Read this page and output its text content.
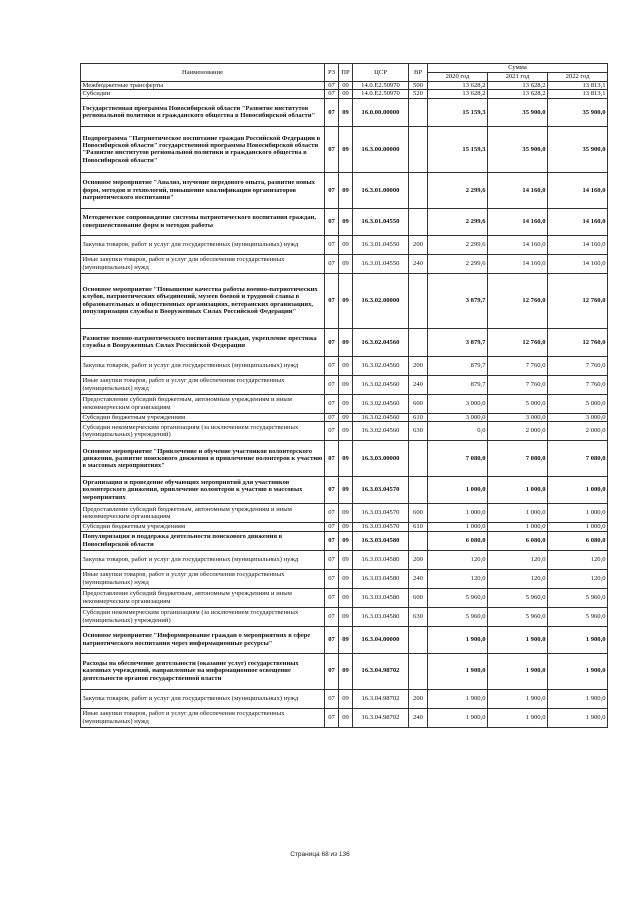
Наименование	РЗ	ПР	ЦСР	ВР	Сумма		
					2020 год	2021 год	2022 год
Межбюджетные трансферты	07	09	14.0.Е2.50970	500	13 628,2	13 628,2	13 813,1
Субсидии	07	09	14.0.Е2.50970	520	13 628,2	13 628,2	13 813,1
Государственная программа Новосибирской области "Развитие институтов региональной политики и гражданского общества в Новосибирской области"	07	09	16.0.00.00000		15 159,3	35 900,0	35 900,0
Подпрограмма "Патриотическое воспитание граждан Российской Федерации в Новосибирской области" государственной программы Новосибирской области "Развитие институтов региональной политики и гражданского общества в Новосибирской области"	07	09	16.3.00.00000		15 159,3	35 900,0	35 900,0
Основное мероприятие "Анализ, изучение передового опыта, развитие новых форм, методов и технологий, повышение квалификации организаторов патриотического воспитания"	07	09	16.3.01.00000		2 299,6	14 160,0	14 160,0
Методическое сопровождение системы патриотического воспитания граждан, совершенствование форм и методов работы	07	09	16.3.01.04550		2 299,6	14 160,0	14 160,0
Закупка товаров, работ и услуг для государственных (муниципальных) нужд	07	09	16.3.01.04550	200	2 299,6	14 160,0	14 160,0
Иные закупки товаров, работ и услуг для обеспечения государственных (муниципальных) нужд	07	09	16.3.01.04550	240	2 299,6	14 160,0	14 160,0
Основное мероприятие "Повышение качества работы военно-патриотических клубов, патриотических объединений, музеев боевой и трудовой славы в образовательных и общественных организациях, ветеранских организациях, популяризация службы в Вооруженных Силах Российской Федерации"	07	09	16.3.02.00000		3 879,7	12 760,0	12 760,0
Развитие военно-патриотического воспитания граждан, укрепление престижа службы в Вооруженных Силах Российской Федерации	07	09	16.3.02.04560		3 879,7	12 760,0	12 760,0
Закупка товаров, работ и услуг для государственных (муниципальных) нужд	07	09	16.3.02.04560	200	879,7	7 760,0	7 760,0
Иные закупки товаров, работ и услуг для обеспечения государственных (муниципальных) нужд	07	09	16.3.02.04560	240	879,7	7 760,0	7 760,0
Предоставление субсидий бюджетным, автономным учреждениям и иным некоммерческим организациям	07	09	16.3.02.04560	600	3 000,0	5 000,0	5 000,0
Субсидии бюджетным учреждениям	07	09	16.3.02.04560	610	3 000,0	3 000,0	3 000,0
Субсидии некоммерческим организациям (за исключением государственных (муниципальных) учреждений)	07	09	16.3.02.04560	630	0,0	2 000,0	2 000,0
Основное мероприятие "Привлечение и обучение участников волонтерского движения, развитие поискового движения и привлечение волонтеров к участию в массовых мероприятиях"	07	09	16.3.03.00000		7 080,0	7 080,0	7 080,0
Организация и проведение обучающих мероприятий для участников волонтерского движения, привлечение волонтеров к участию в массовых мероприятиях	07	09	16.3.03.04570		1 000,0	1 000,0	1 000,0
Предоставление субсидий бюджетным, автономным учреждениям и иным некоммерческим организациям	07	09	16.3.03.04570	600	1 000,0	1 000,0	1 000,0
Субсидии бюджетным учреждениям	07	09	16.3.03.04570	610	1 000,0	1 000,0	1 000,0
Популяризация и поддержка деятельности поискового движения в Новосибирской области	07	09	16.3.03.04580		6 080,0	6 080,0	6 080,0
Закупка товаров, работ и услуг для государственных (муниципальных) нужд	07	09	16.3.03.04580	200	120,0	120,0	120,0
Иные закупки товаров, работ и услуг для обеспечения государственных (муниципальных) нужд	07	09	16.3.03.04580	240	120,0	120,0	120,0
Предоставление субсидий бюджетным, автономным учреждениям и иным некоммерческим организациям	07	09	16.3.03.04580	600	5 960,0	5 960,0	5 960,0
Субсидии некоммерческим организациям (за исключением государственных (муниципальных) учреждений)	07	09	16.3.03.04580	630	5 960,0	5 960,0	5 960,0
Основное мероприятие "Информирование граждан о мероприятиях в сфере патриотического воспитания через информационные ресурсы"	07	09	16.3.04.00000		1 900,0	1 900,0	1 900,0
Расходы на обеспечение деятельности (оказание услуг) государственных казенных учреждений, направленные на информационное освещение деятельности органов государственной власти	07	09	16.3.04.98702		1 900,0	1 900,0	1 900,0
Закупка товаров, работ и услуг для государственных (муниципальных) нужд	07	09	16.3.04.98702	200	1 900,0	1 900,0	1 900,0
Иные закупки товаров, работ и услуг для обеспечения государственных (муниципальных) нужд	07	09	16.3.04.98702	240	1 900,0	1 900,0	1 900,0
Страница 68 из 136
